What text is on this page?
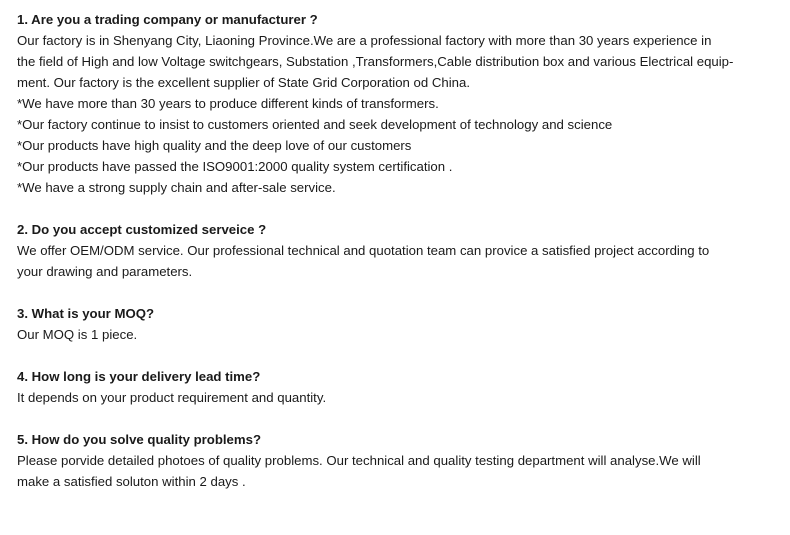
1. Are you a trading company or manufacturer ?
Our factory is in Shenyang City, Liaoning Province.We are a professional factory with more than 30 years experience in
the field of High and low Voltage switchgears, Substation ,Transformers,Cable distribution box and various Electrical equip-
ment. Our factory is the excellent supplier of State Grid Corporation od China.
*We have more than 30 years to produce different kinds of transformers.
*Our factory continue to insist to customers oriented and seek development of technology and science
*Our products have high quality and the deep love of our customers
*Our products have passed the ISO9001:2000 quality system certification .
*We have a strong supply chain and after-sale service.
2. Do you accept customized serveice ?
We offer OEM/ODM service. Our professional technical and quotation team can provice a satisfied project according to
your drawing and parameters.
3. What is your MOQ?
Our MOQ is 1 piece.
4. How long is your delivery lead time?
It depends on your product requirement and quantity.
5. How do you solve quality problems?
Please porvide detailed photoes of quality problems. Our technical and quality testing department will analyse.We will
make a satisfied soluton within 2 days .
